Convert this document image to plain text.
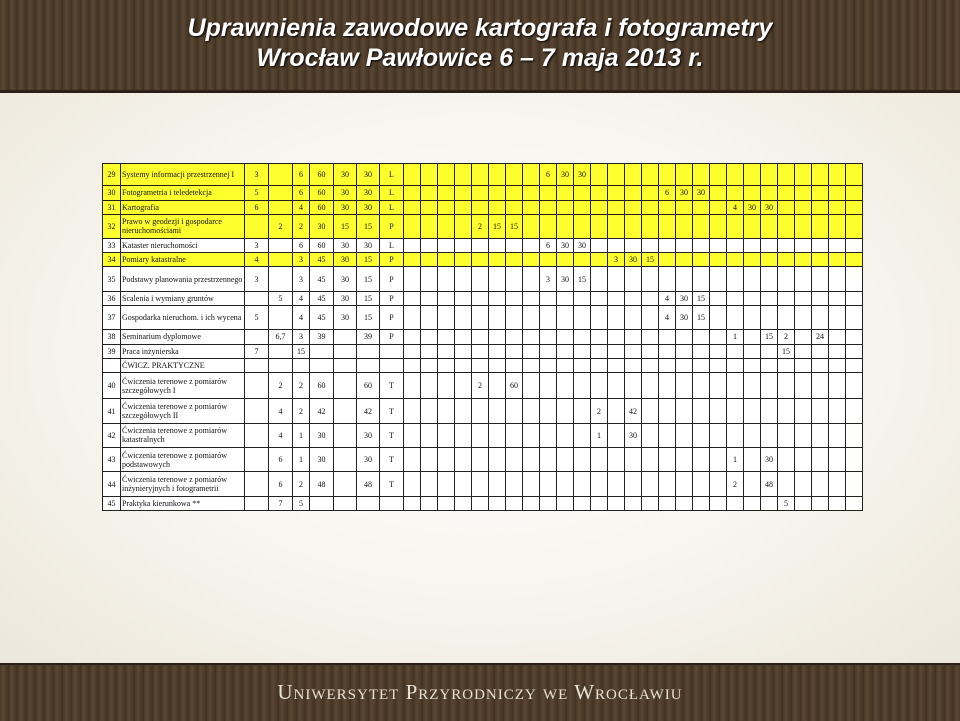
Uprawnienia zawodowe kartografa i fotogrametry
Wrocław Pawłowice 6 – 7 maja 2013 r.
29	Systemy informacji przestrzennej I	3		6	60	30	30	L									6	30	30																	
30	Fotogrametria i teledetekcja	5		6	60	30	30	L																6	30	30										
31	Kartografia	6		4	60	30	30	L																				4	30	30						
32	Prawo w geodezji i gospodarce nieruchomościami		2	2	30	15	15	P					2	15	15																					
33	Kataster nieruchomości	3		6	60	30	30	L									6	30	30																	
34	Pomiary katastralne	4		3	45	30	15	P													3	30	15													
35	Podstawy planowania przestrzennego	3		3	45	30	15	P									3	30	15																	
36	Scalenia i wymiany gruntów		5	4	45	30	15	P																4	30	15										
37	Gospodarka nieruchom. i ich wycena	5		4	45	30	15	P																4	30	15										
38	Seminarium dyplomowe		6,7	3	39		39	P																				1		15	2		24			
39	Praca inżynierska	7		15																											15					
	ĆWICZ. PRAKTYCZNE																																			
40	Ćwiczenia terenowe z pomiarów szczegółowych I		2	2	60		60	T					2		60																					
41	Ćwiczenia terenowe z pomiarów szczegółowych II		4	2	42		42	T												2		42														
42	Ćwiczenia terenowe z pomiarów katastralnych		4	1	30		30	T												1		30														
43	Ćwiczenia terenowe z pomiarów podstawowych		6	1	30		30	T																				1		30						
44	Ćwiczenia terenowe z pomiarów inżynieryjnych i fotogrametrii		6	2	48		48	T																				2		48						
45	Praktyka kierunkowa **		7	5																											5					
Uniwersytet Przyrodniczy we Wrocławiu
